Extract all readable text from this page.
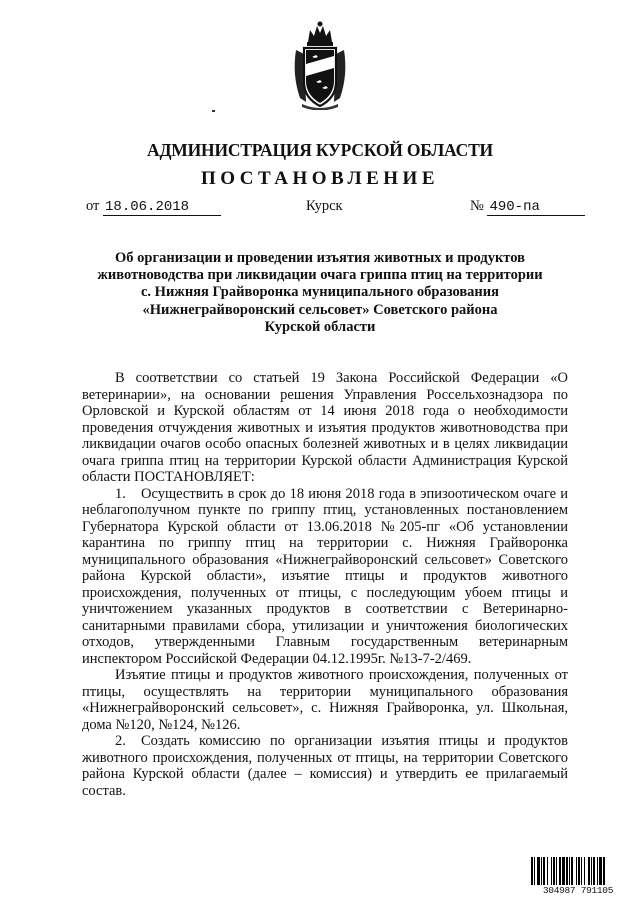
АДМИНИСТРАЦИЯ КУРСКОЙ ОБЛАСТИ
ПОСТАНОВЛЕНИЕ
от 18.06.2018	Курск	№ 490-па
Об организации и проведении изъятия животных и продуктов
животноводства при ликвидации очага гриппа птиц на территории
с. Нижняя Грайворонка муниципального образования
«Нижнеграйворонский сельсовет» Советского района
Курской области
В соответствии со статьей 19 Закона Российской Федерации «О ветеринарии», на основании решения Управления Россельхознадзора по Орловской и Курской областям от 14 июня 2018 года о необходимости проведения отчуждения животных и изъятия продуктов животноводства при ликвидации очагов особо опасных болезней животных и в целях ликвидации очага гриппа птиц на территории Курской области Администрация Курской области ПОСТАНОВЛЯЕТ:
1. Осуществить в срок до 18 июня 2018 года в эпизоотическом очаге и неблагополучном пункте по гриппу птиц, установленных постановлением Губернатора Курской области от 13.06.2018 №205-пг «Об установлении карантина по гриппу птиц на территории с. Нижняя Грайворонка муниципального образования «Нижнеграйворонский сельсовет» Советского района Курской области», изъятие птицы и продуктов животного происхождения, полученных от птицы, с последующим убоем птицы и уничтожением указанных продуктов в соответствии с Ветеринарно-санитарными правилами сбора, утилизации и уничтожения биологических отходов, утвержденными Главным государственным ветеринарным инспектором Российской Федерации 04.12.1995г. №13-7-2/469.
Изъятие птицы и продуктов животного происхождения, полученных от птицы, осуществлять на территории муниципального образования «Нижнеграйворонский сельсовет», с. Нижняя Грайворонка, ул. Школьная, дома №120, №124, №126.
2. Создать комиссию по организации изъятия птицы и продуктов животного происхождения, полученных от птицы, на территории Советского района Курской области (далее – комиссия) и утвердить ее прилагаемый состав.
304987 791105
